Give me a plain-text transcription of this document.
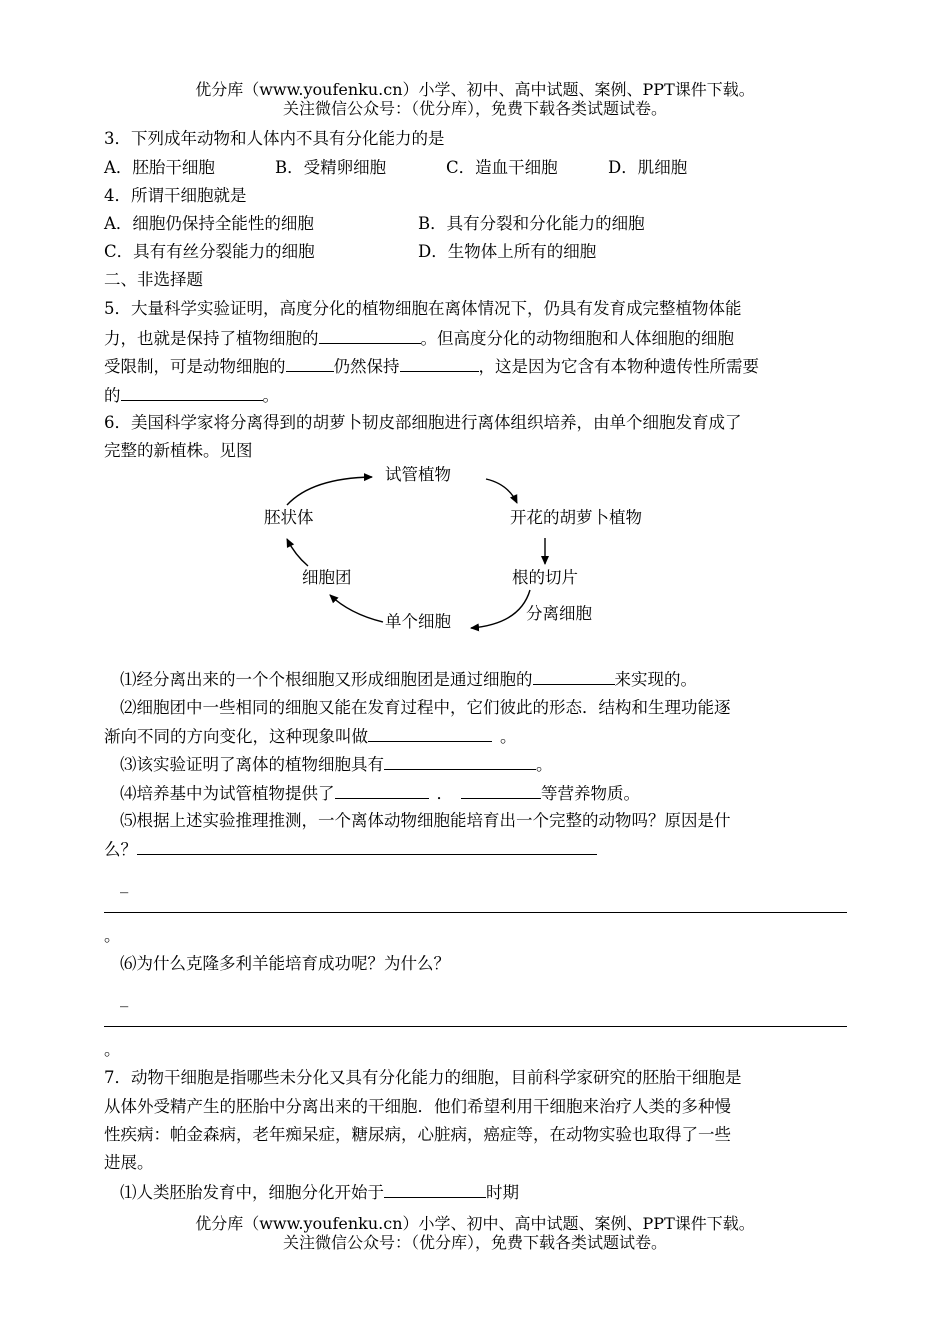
优分库（www.youfenku.cn）小学、初中、高中试题、案例、PPT课件下载。
关注微信公众号：（优分库），免费下载各类试题试卷。
3．下列成年动物和人体内不具有分化能力的是
A．胚胎干细胞	B．受精卵细胞	C．造血干细胞	D．肌细胞
4．所谓干细胞就是
A．细胞仍保持全能性的细胞	B．具有分裂和分化能力的细胞
C．具有有丝分裂能力的细胞	D．生物体上所有的细胞
二、非选择题
5．大量科学实验证明，高度分化的植物细胞在离体情况下，仍具有发育成完整植物体能
力，也就是保持了植物细胞的	。但高度分化的动物细胞和人体细胞的细胞
受限制，可是动物细胞的	仍然保持	，这是因为它含有本物种遗传性所需要
的	。
6．美国科学家将分离得到的胡萝卜韧皮部细胞进行离体组织培养，由单个细胞发育成了
完整的新植株。见图
试管植物
胚状体	开花的胡萝卜植物
细胞团	根的切片
分离细胞
单个细胞
⑴经分离出来的一个个根细胞又形成细胞团是通过细胞的	来实现的。
⑵细胞团中一些相同的细胞又能在发育过程中，它们彼此的形态．结构和生理功能逐
渐向不同的方向变化，这种现象叫做	。
⑶该实验证明了离体的植物细胞具有	。
⑷培养基中为试管植物提供了	．	等营养物质。
⑸根据上述实验推理推测，一个离体动物细胞能培育出一个完整的动物吗？原因是什
么？
_
。
⑹为什么克隆多利羊能培育成功呢？为什么？
_
。
7．动物干细胞是指哪些未分化又具有分化能力的细胞，目前科学家研究的胚胎干细胞是
从体外受精产生的胚胎中分离出来的干细胞．他们希望利用干细胞来治疗人类的多种慢
性疾病：帕金森病，老年痴呆症，糖尿病，心脏病，癌症等，在动物实验也取得了一些
进展。
⑴人类胚胎发育中，细胞分化开始于	时期
优分库（www.youfenku.cn）小学、初中、高中试题、案例、PPT课件下载。
关注微信公众号：（优分库），免费下载各类试题试卷。
